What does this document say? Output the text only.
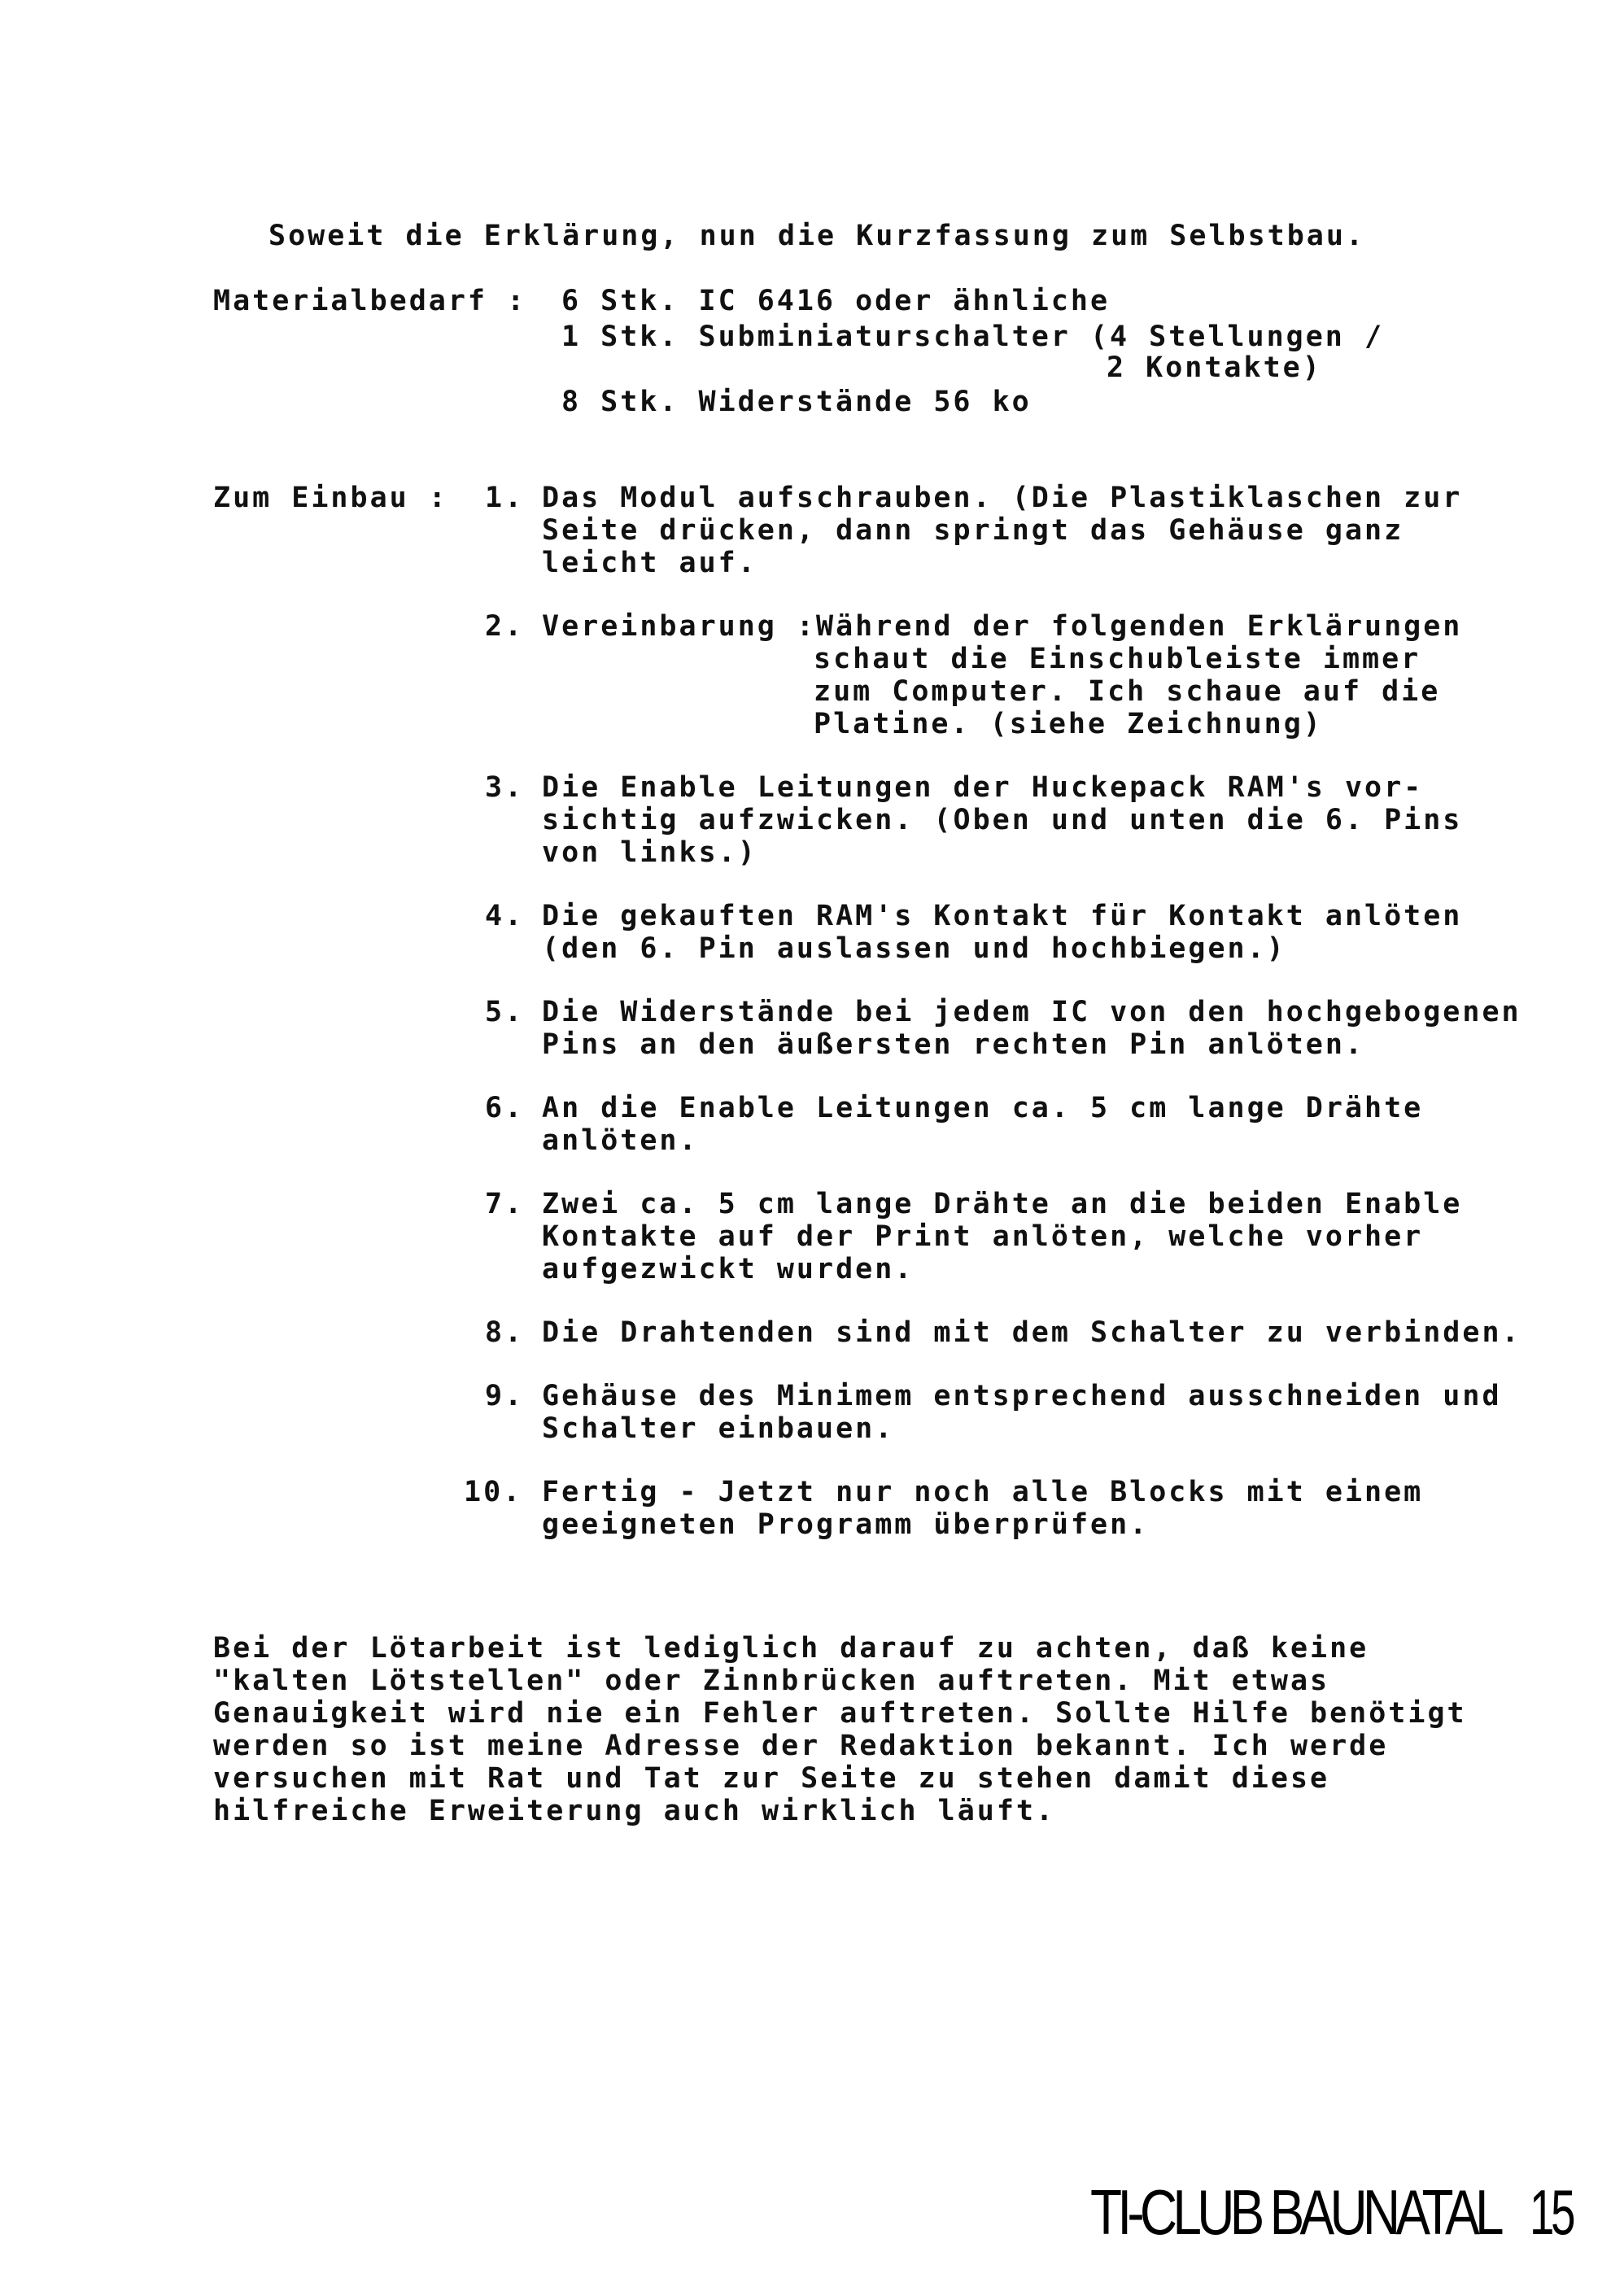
Soweit die Erklärung, nun die Kurzfassung zum Selbstbau.
Materialbedarf : 6 Stk. IC 6416 oder ähnliche
1 Stk. Subminiaturschalter (4 Stellungen /
2 Kontakte)
8 Stk. Widerstände 56 ko
Zum Einbau : 1. Das Modul aufschrauben. (Die Plastiklaschen zur
Seite drücken, dann springt das Gehäuse ganz
leicht auf.
2. Vereinbarung :Während der folgenden Erklärungen
schaut die Einschubleiste immer
zum Computer. Ich schaue auf die
Platine. (siehe Zeichnung)
3. Die Enable Leitungen der Huckepack RAM's vor-
sichtig aufzwicken. (Oben und unten die 6. Pins
von links.)
4. Die gekauften RAM's Kontakt für Kontakt anlöten
(den 6. Pin auslassen und hochbiegen.)
5. Die Widerstände bei jedem IC von den hochgebogenen
Pins an den äußersten rechten Pin anlöten.
6. An die Enable Leitungen ca. 5 cm lange Drähte
anlöten.
7. Zwei ca. 5 cm lange Drähte an die beiden Enable
Kontakte auf der Print anlöten, welche vorher
aufgezwickt wurden.
8. Die Drahtenden sind mit dem Schalter zu verbinden.
9. Gehäuse des Minimem entsprechend ausschneiden und
Schalter einbauen.
10. Fertig - Jetzt nur noch alle Blocks mit einem
geeigneten Programm überprüfen.
Bei der Lötarbeit ist lediglich darauf zu achten, daß keine
"kalten Lötstellen" oder Zinnbrücken auftreten. Mit etwas
Genauigkeit wird nie ein Fehler auftreten. Sollte Hilfe benötigt
werden so ist meine Adresse der Redaktion bekannt. Ich werde
versuchen mit Rat und Tat zur Seite zu stehen damit diese
hilfreiche Erweiterung auch wirklich läuft.
TI-CLUB BAUNATAL 15
